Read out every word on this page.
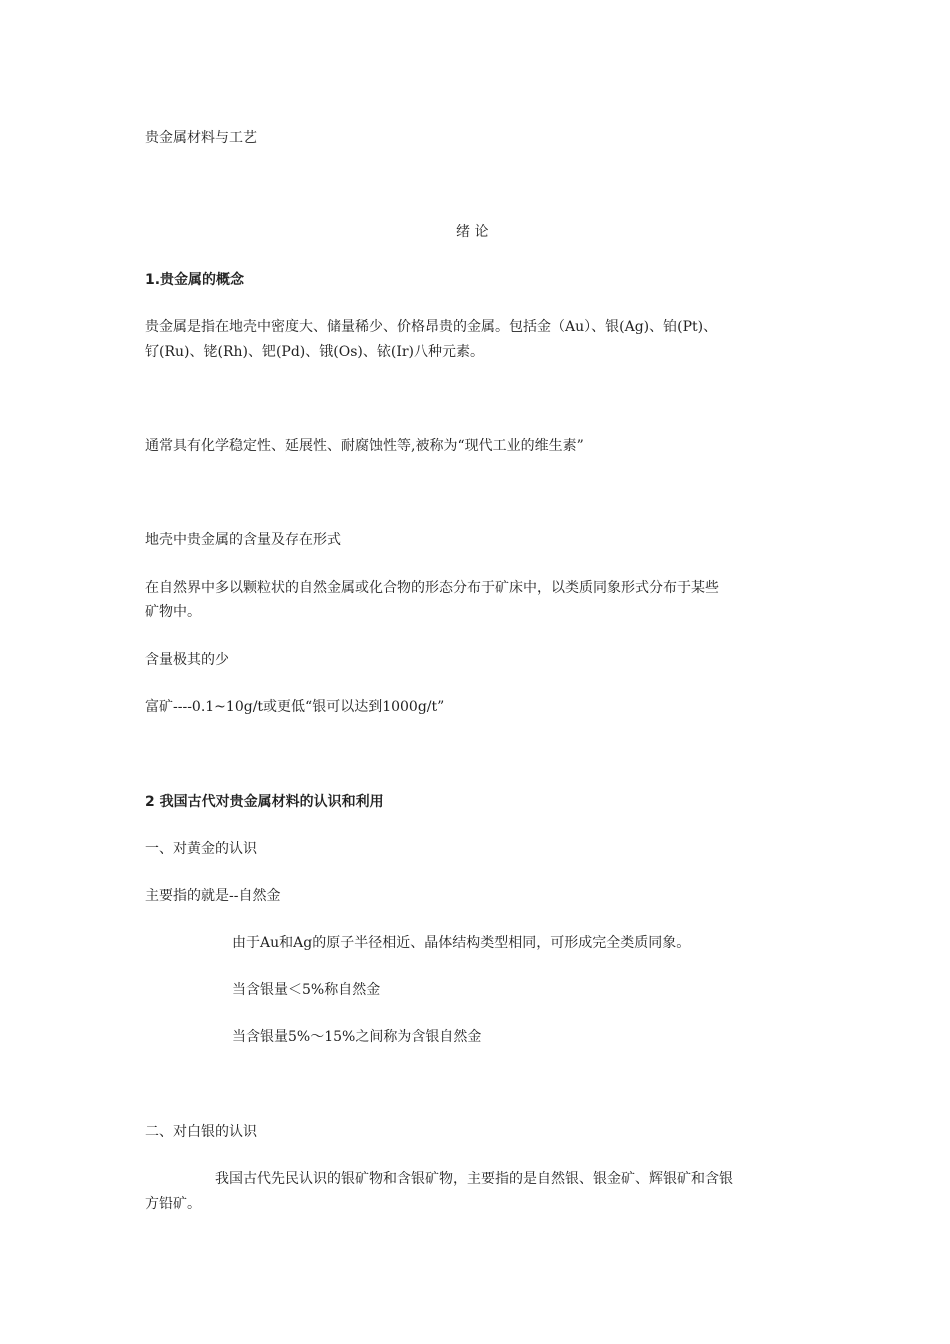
贵金属材料与工艺
绪 论
1.贵金属的概念
贵金属是指在地壳中密度大、储量稀少、价格昂贵的金属。包括金（Au）、银(Ag)、铂(Pt)、
钌(Ru)、铑(Rh)、钯(Pd)、锇(Os)、铱(Ir)八种元素。
通常具有化学稳定性、延展性、耐腐蚀性等,被称为“现代工业的维生素”
地壳中贵金属的含量及存在形式
在自然界中多以颗粒状的自然金属或化合物的形态分布于矿床中，以类质同象形式分布于某些
矿物中。
含量极其的少
富矿----0.1~10g/t或更低“银可以达到1000g/t”
2 我国古代对贵金属材料的认识和利用
一、对黄金的认识
主要指的就是--自然金
由于Au和Ag的原子半径相近、晶体结构类型相同，可形成完全类质同象。
当含银量＜5%称自然金
当含银量5%～15%之间称为含银自然金
二、对白银的认识
我国古代先民认识的银矿物和含银矿物，主要指的是自然银、银金矿、辉银矿和含银
方铅矿。
